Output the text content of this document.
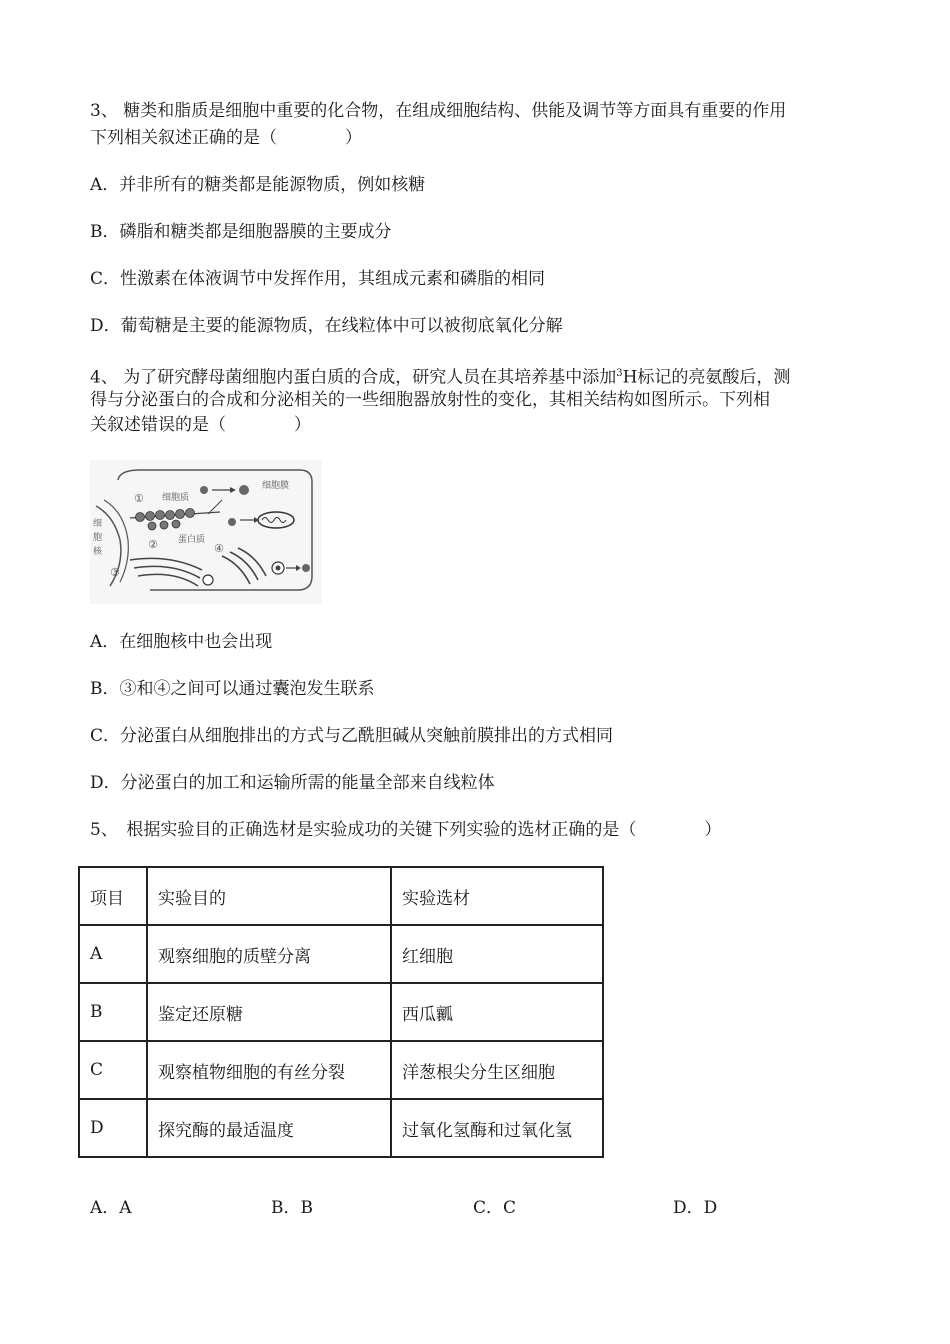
3、 糖类和脂质是细胞中重要的化合物，在组成细胞结构、供能及调节等方面具有重要的作用
下列相关叙述正确的是（　　　　）
A．并非所有的糖类都是能源物质，例如核糖
B．磷脂和糖类都是细胞器膜的主要成分
C．性激素在体液调节中发挥作用，其组成元素和磷脂的相同
D．葡萄糖是主要的能源物质，在线粒体中可以被彻底氧化分解
4、 为了研究酵母菌细胞内蛋白质的合成，研究人员在其培养基中添加$^3$H标记的亮氨酸后，测
得与分泌蛋白的合成和分泌相关的一些细胞器放射性的变化，其相关结构如图所示。下列相
关叙述错误的是（　　　　）
细胞膜
细胞质
蛋白质
细
胞
核
①
②
③
④
A．在细胞核中也会出现
B．③和④之间可以通过囊泡发生联系
C．分泌蛋白从细胞排出的方式与乙酰胆碱从突触前膜排出的方式相同
D．分泌蛋白的加工和运输所需的能量全部来自线粒体
5、　根据实验目的正确选材是实验成功的关键下列实验的选材正确的是（　　　　）
项目	实验目的	实验选材
A	观察细胞的质壁分离	红细胞
B	鉴定还原糖	西瓜瓤
C	观察植物细胞的有丝分裂	洋葱根尖分生区细胞
D	探究酶的最适温度	过氧化氢酶和过氧化氢
A．A	B．B	C．C	D．D
